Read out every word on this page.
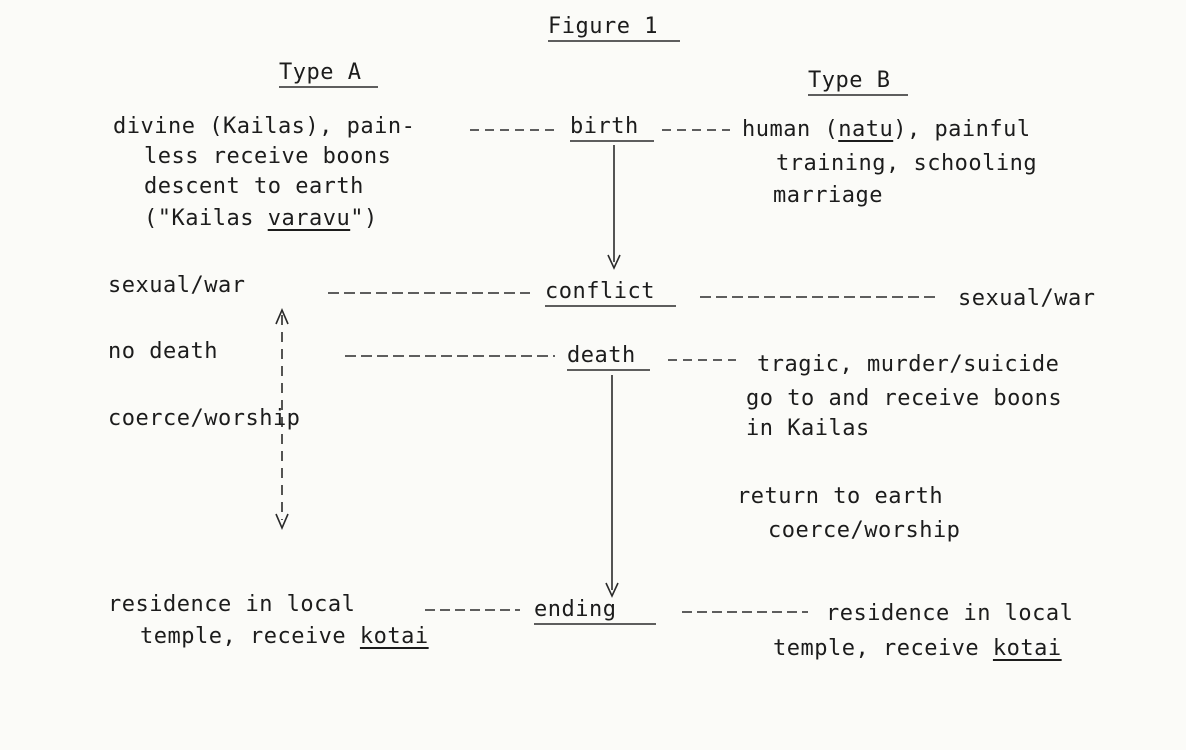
Figure 1
Type A	Type B
birth
conflict
death
ending
divine (Kailas), pain-
less receive boons
descent to earth
("Kailas varavu")
sexual/war
no death
coerce/worship
residence in local
temple, receive kotai
human (natu), painful
training, schooling
marriage
sexual/war
tragic, murder/suicide
go to and receive boons
in Kailas
return to earth
coerce/worship
residence in local
temple, receive kotai
